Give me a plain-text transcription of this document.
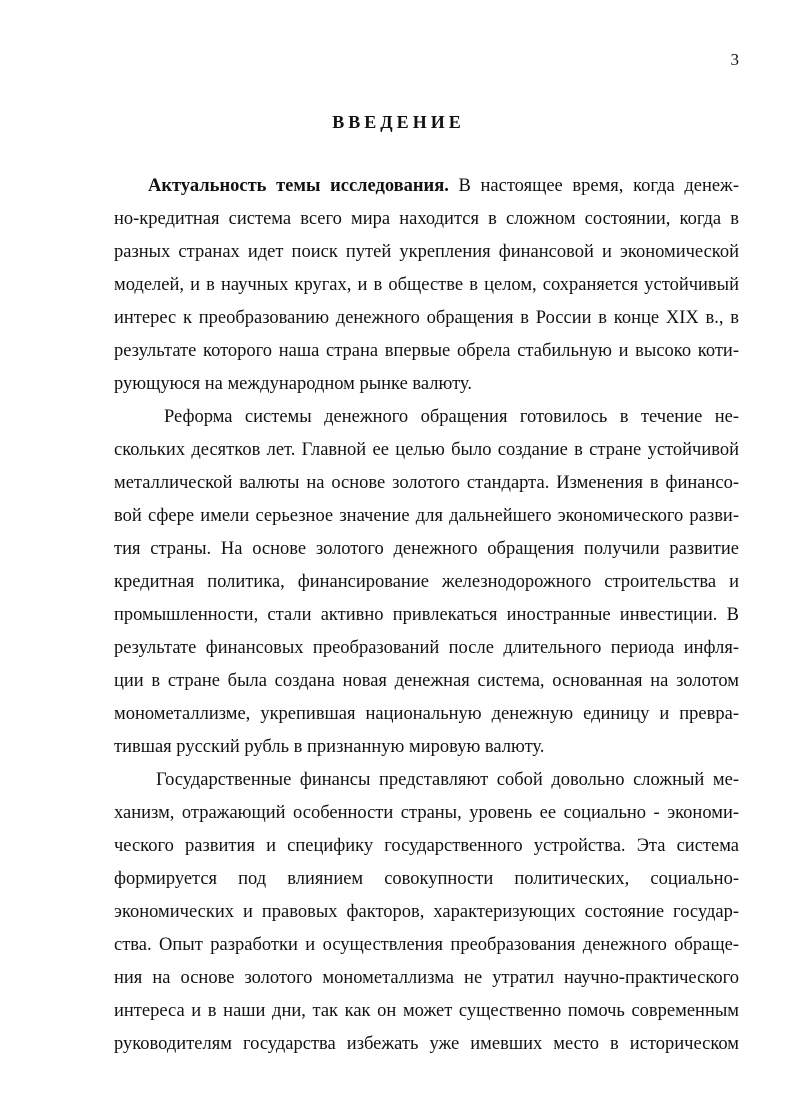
3
ВВЕДЕНИЕ

Актуальность темы исследования. В настоящее время, когда денеж-
но-кредитная система всего мира находится в сложном состоянии, когда в
разных странах идет поиск путей укрепления финансовой и экономической
моделей, и в научных кругах, и в обществе в целом, сохраняется устойчивый
интерес к преобразованию денежного обращения в России в конце XIX в., в
результате которого наша страна впервые обрела стабильную и высоко коти-
рующуюся на международном рынке валюту.

Реформа системы денежного обращения готовилось в течение не-
скольких десятков лет. Главной ее целью было создание в стране устойчивой
металлической валюты на основе золотого стандарта. Изменения в финансо-
вой сфере имели серьезное значение для дальнейшего экономического разви-
тия страны. На основе золотого денежного обращения получили развитие
кредитная политика, финансирование железнодорожного строительства и
промышленности, стали активно привлекаться иностранные инвестиции. В
результате финансовых преобразований после длительного периода инфля-
ции в стране была создана новая денежная система, основанная на золотом
монометаллизме, укрепившая национальную денежную единицу и превра-
тившая русский рубль в признанную мировую валюту.

Государственные финансы представляют собой довольно сложный ме-
ханизм, отражающий особенности страны, уровень ее социально - экономи-
ческого развития и специфику государственного устройства. Эта система
формируется под влиянием совокупности политических, социально-
экономических и правовых факторов, характеризующих состояние государ-
ства. Опыт разработки и осуществления преобразования денежного обраще-
ния на основе золотого монометаллизма не утратил научно-практического
интереса и в наши дни, так как он может существенно помочь современным
руководителям государства избежать уже имевших место в историческом
